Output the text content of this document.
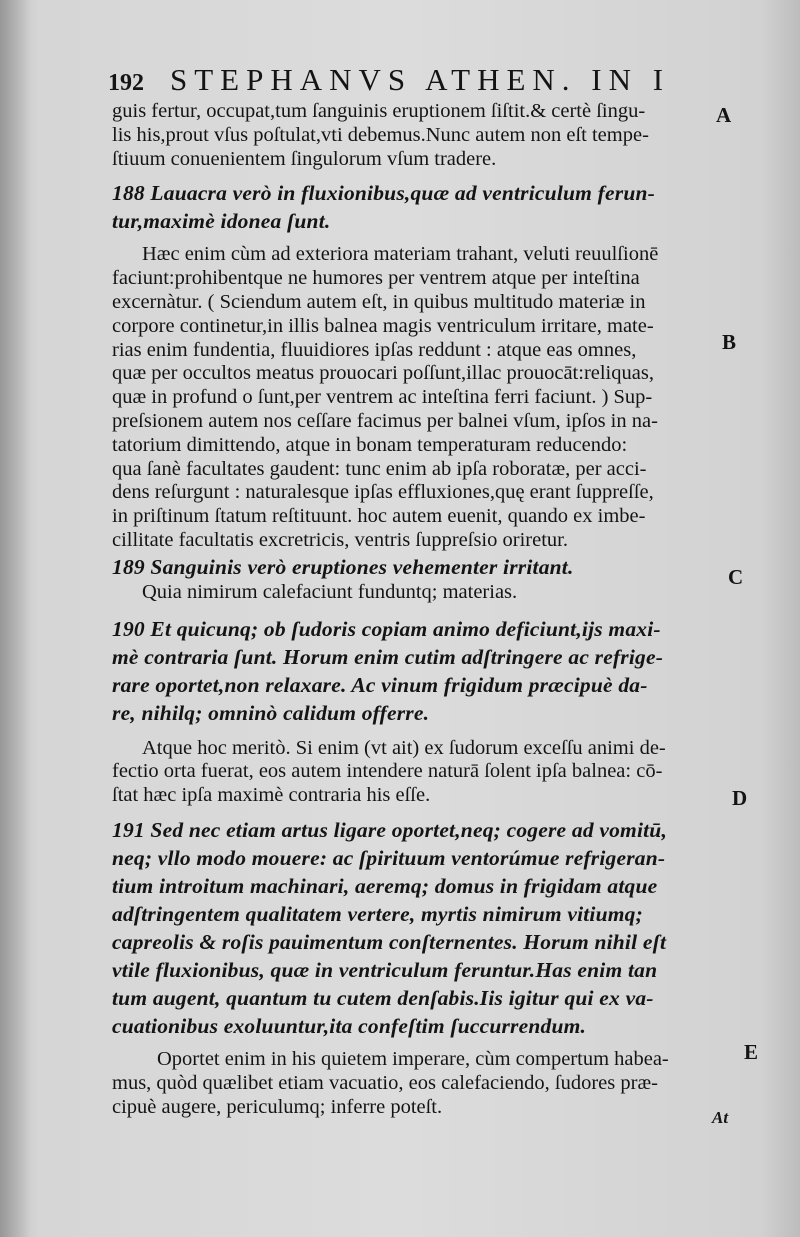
192 STEPHANVS ATHEN. IN I
guis fertur, occupat,tum ſanguinis eruptionem ſiſtit.& certè ſingu-
lis his,prout vſus poſtulat,vti debemus.Nunc autem non eſt tempe-
ſtiuum conuenientem ſingulorum vſum tradere.
188 Lauacra verò in fluxionibus,quæ ad ventriculum ferun-
tur,maximè idonea ſunt.
Hæc enim cùm ad exteriora materiam trahant, veluti reuulſionē
faciunt:prohibentque ne humores per ventrem atque per inteſtina
excernàtur. ( Sciendum autem eſt, in quibus multitudo materiæ in
corpore continetur,in illis balnea magis ventriculum irritare, mate-
rias enim fundentia, fluuidiores ipſas reddunt : atque eas omnes,
quæ per occultos meatus prouocari poſſunt,illac prouocāt:reliquas,
quæ in profund o ſunt,per ventrem ac inteſtina ferri faciunt. ) Sup-
preſsionem autem nos ceſſare facimus per balnei vſum, ipſos in na-
tatorium dimittendo, atque in bonam temperaturam reducendo:
qua ſanè facultates gaudent: tunc enim ab ipſa roboratæ, per acci-
dens reſurgunt : naturalesque ipſas effluxiones,quę erant ſuppreſſe,
in priſtinum ſtatum reſtituunt. hoc autem euenit, quando ex imbe-
cillitate facultatis excretricis, ventris ſuppreſsio oriretur.
189 Sanguinis verò eruptiones vehementer irritant.
Quia nimirum calefaciunt funduntq; materias.
190 Et quicunq; ob ſudoris copiam animo deficiunt,ijs maxi-
mè contraria ſunt. Horum enim cutim adſtringere ac refrige-
rare oportet,non relaxare. Ac vinum frigidum præcipuè da-
re, nihilq; omninò calidum offerre.
Atque hoc meritò. Si enim (vt ait) ex ſudorum exceſſu animi de-
fectio orta fuerat, eos autem intendere naturā ſolent ipſa balnea: cō-
ſtat hæc ipſa maximè contraria his eſſe.
191 Sed nec etiam artus ligare oportet,neq; cogere ad vomitū,
neq; vllo modo mouere: ac ſpirituum ventorúmue refrigeran-
tium introitum machinari, aeremq; domus in frigidam atque
adſtringentem qualitatem vertere, myrtis nimirum vitiumq;
capreolis & roſis pauimentum conſternentes. Horum nihil eſt
vtile fluxionibus, quæ in ventriculum feruntur.Has enim tan
tum augent, quantum tu cutem denſabis.Iis igitur qui ex va-
cuationibus exoluuntur,ita confeſtim ſuccurrendum.
Oportet enim in his quietem imperare, cùm compertum habea-
mus, quòd quælibet etiam vacuatio, eos calefaciendo, ſudores præ-
cipuè augere, periculumq; inferre poteſt.
A
B
C
D
E
At
